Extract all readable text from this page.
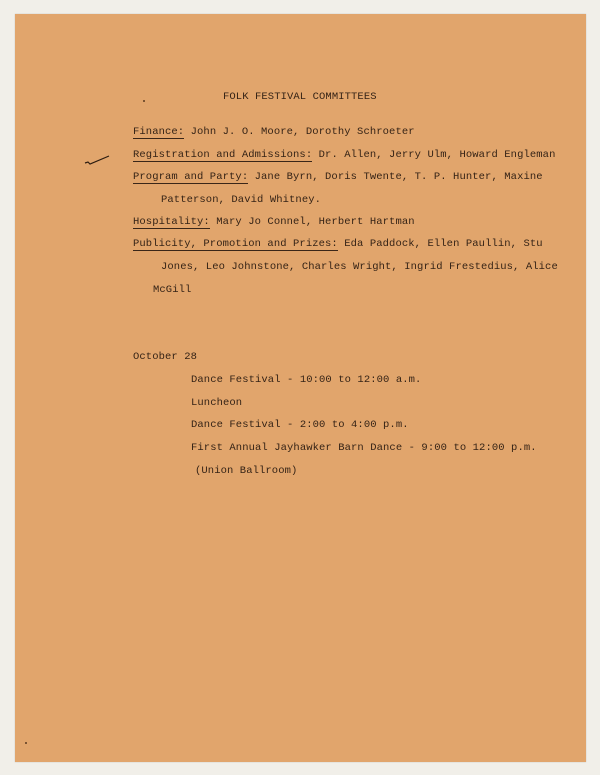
FOLK FESTIVAL COMMITTEES
Finance: John J. O. Moore, Dorothy Schroeter
Registration and Admissions: Dr. Allen, Jerry Ulm, Howard Engleman
Program and Party: Jane Byrn, Doris Twente, T. P. Hunter, Maxine
Patterson, David Whitney.
Hospitality: Mary Jo Connel, Herbert Hartman
Publicity, Promotion and Prizes: Eda Paddock, Ellen Paullin, Stu
Jones, Leo Johnstone, Charles Wright, Ingrid Frestedius, Alice
McGill
October 28
Dance Festival - 10:00 to 12:00 a.m.
Luncheon
Dance Festival - 2:00 to 4:00 p.m.
First Annual Jayhawker Barn Dance - 9:00 to 12:00 p.m.
(Union Ballroom)
